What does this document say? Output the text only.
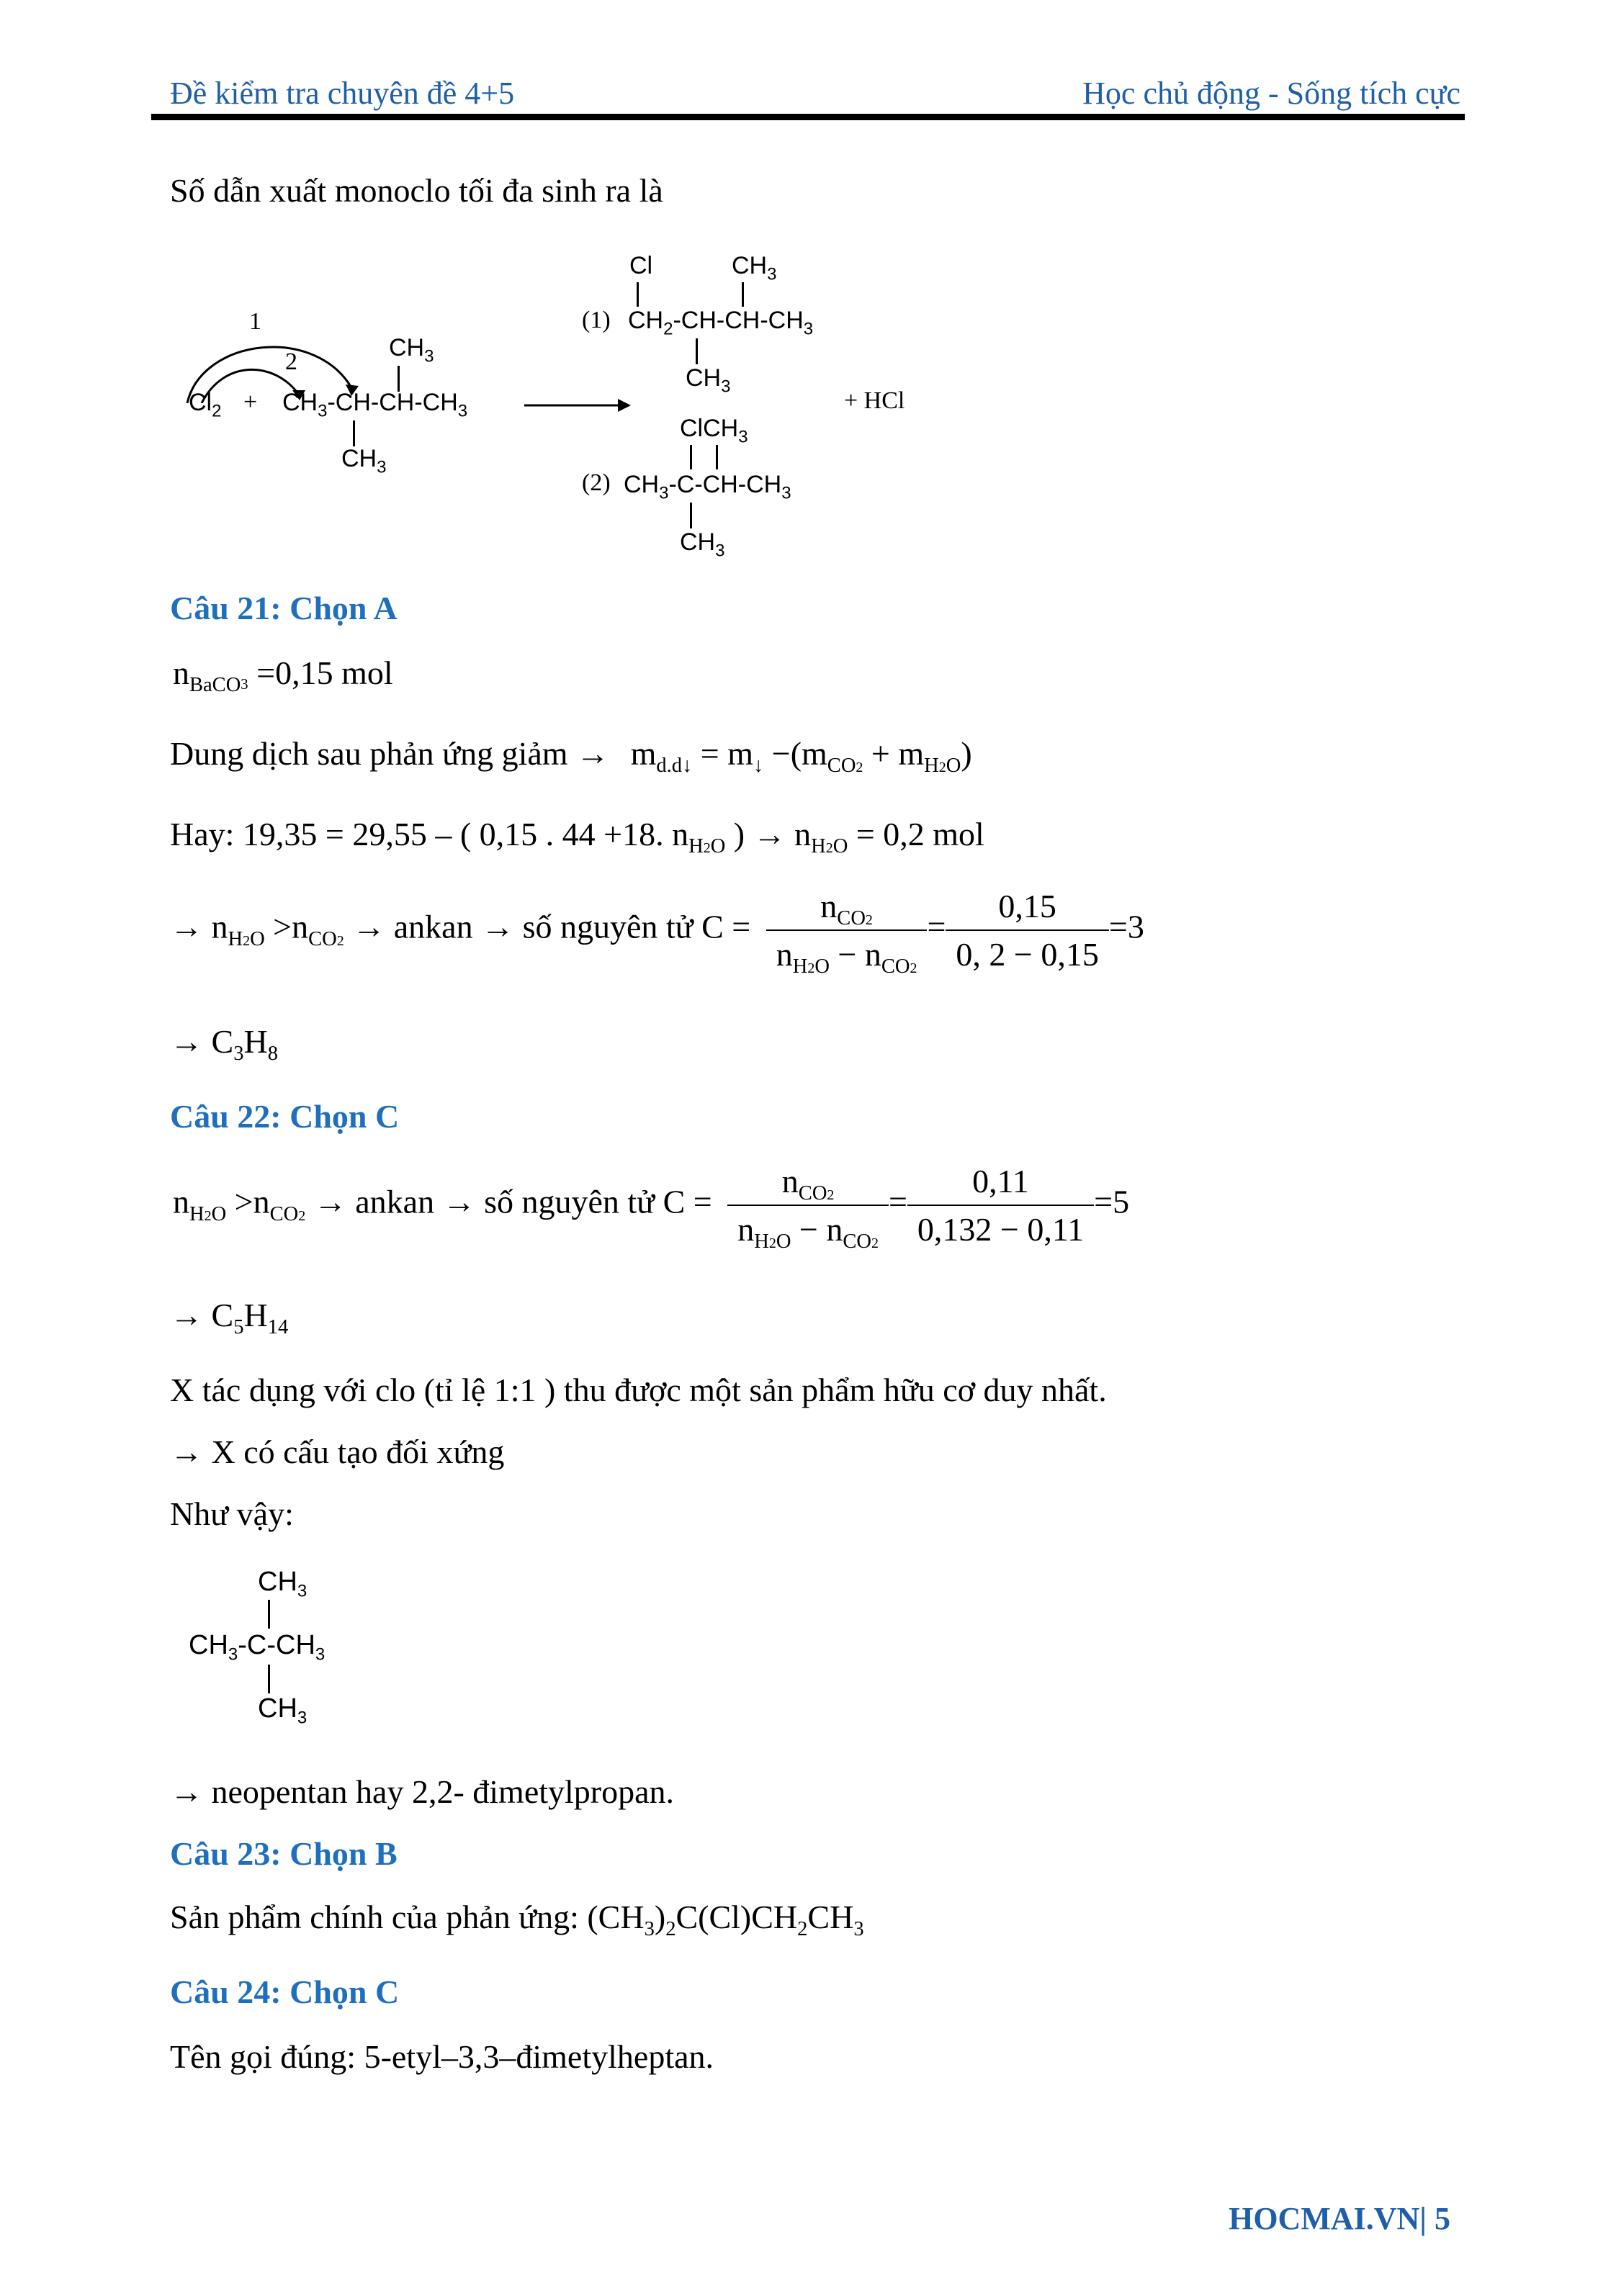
Đề kiểm tra chuyên đề 4+5	Học chủ động - Sống tích cực
Số dẫn xuất monoclo tối đa sinh ra là
1
2
$Cl_2$ +
$CH_3$
$CH_3-CH-CH-CH_3$
$CH_3$
Cl	$CH_3$
(1) $CH_2-CH-CH-CH_3$
$CH_3$
+ HCl
ClCH$_3$
(2) $CH_3-C-CH-CH_3$
$CH_3$
Câu 21: Chọn A
$n_{BaCO3} =0,15$ mol
Dung dịch sau phản ứng giảm → $m_{d.d↓} = m_↓ -(m_{CO2} + m_{H2O})$
Hay: 19,35 = 29,55 – ( 0,15 . 44 +18. $n_{H2O}$ ) → $n_{H2O} = 0,2$ mol
→ $n_{H2O} >n_{CO2}$ → ankan → số nguyên tử $C = \frac{n_{CO2}}{n_{H2O} - n_{CO2}} = \frac{0,15}{0, 2 - 0,15} =3$
→ $C_3H_8$
Câu 22: Chọn C
$n_{H2O} >n_{CO2}$ → ankan → số nguyên tử $C = \frac{n_{CO2}}{n_{H2O} - n_{CO2}} = \frac{0,11}{0,132 - 0,11} =5$
→ $C_5H_{14}$
X tác dụng với clo (tỉ lệ 1:1 ) thu được một sản phẩm hữu cơ duy nhất.
→ X có cấu tạo đối xứng
Như vậy:
$CH_3$
$CH_3-C-CH_3$
$CH_3$
→ neopentan hay 2,2- đimetylpropan.
Câu 23: Chọn B
Sản phẩm chính của phản ứng: $(CH_3)_2C(Cl)CH_2CH_3$
Câu 24: Chọn C
Tên gọi đúng: 5-etyl–3,3–đimetylheptan.
HOCMAI.VN| 5
